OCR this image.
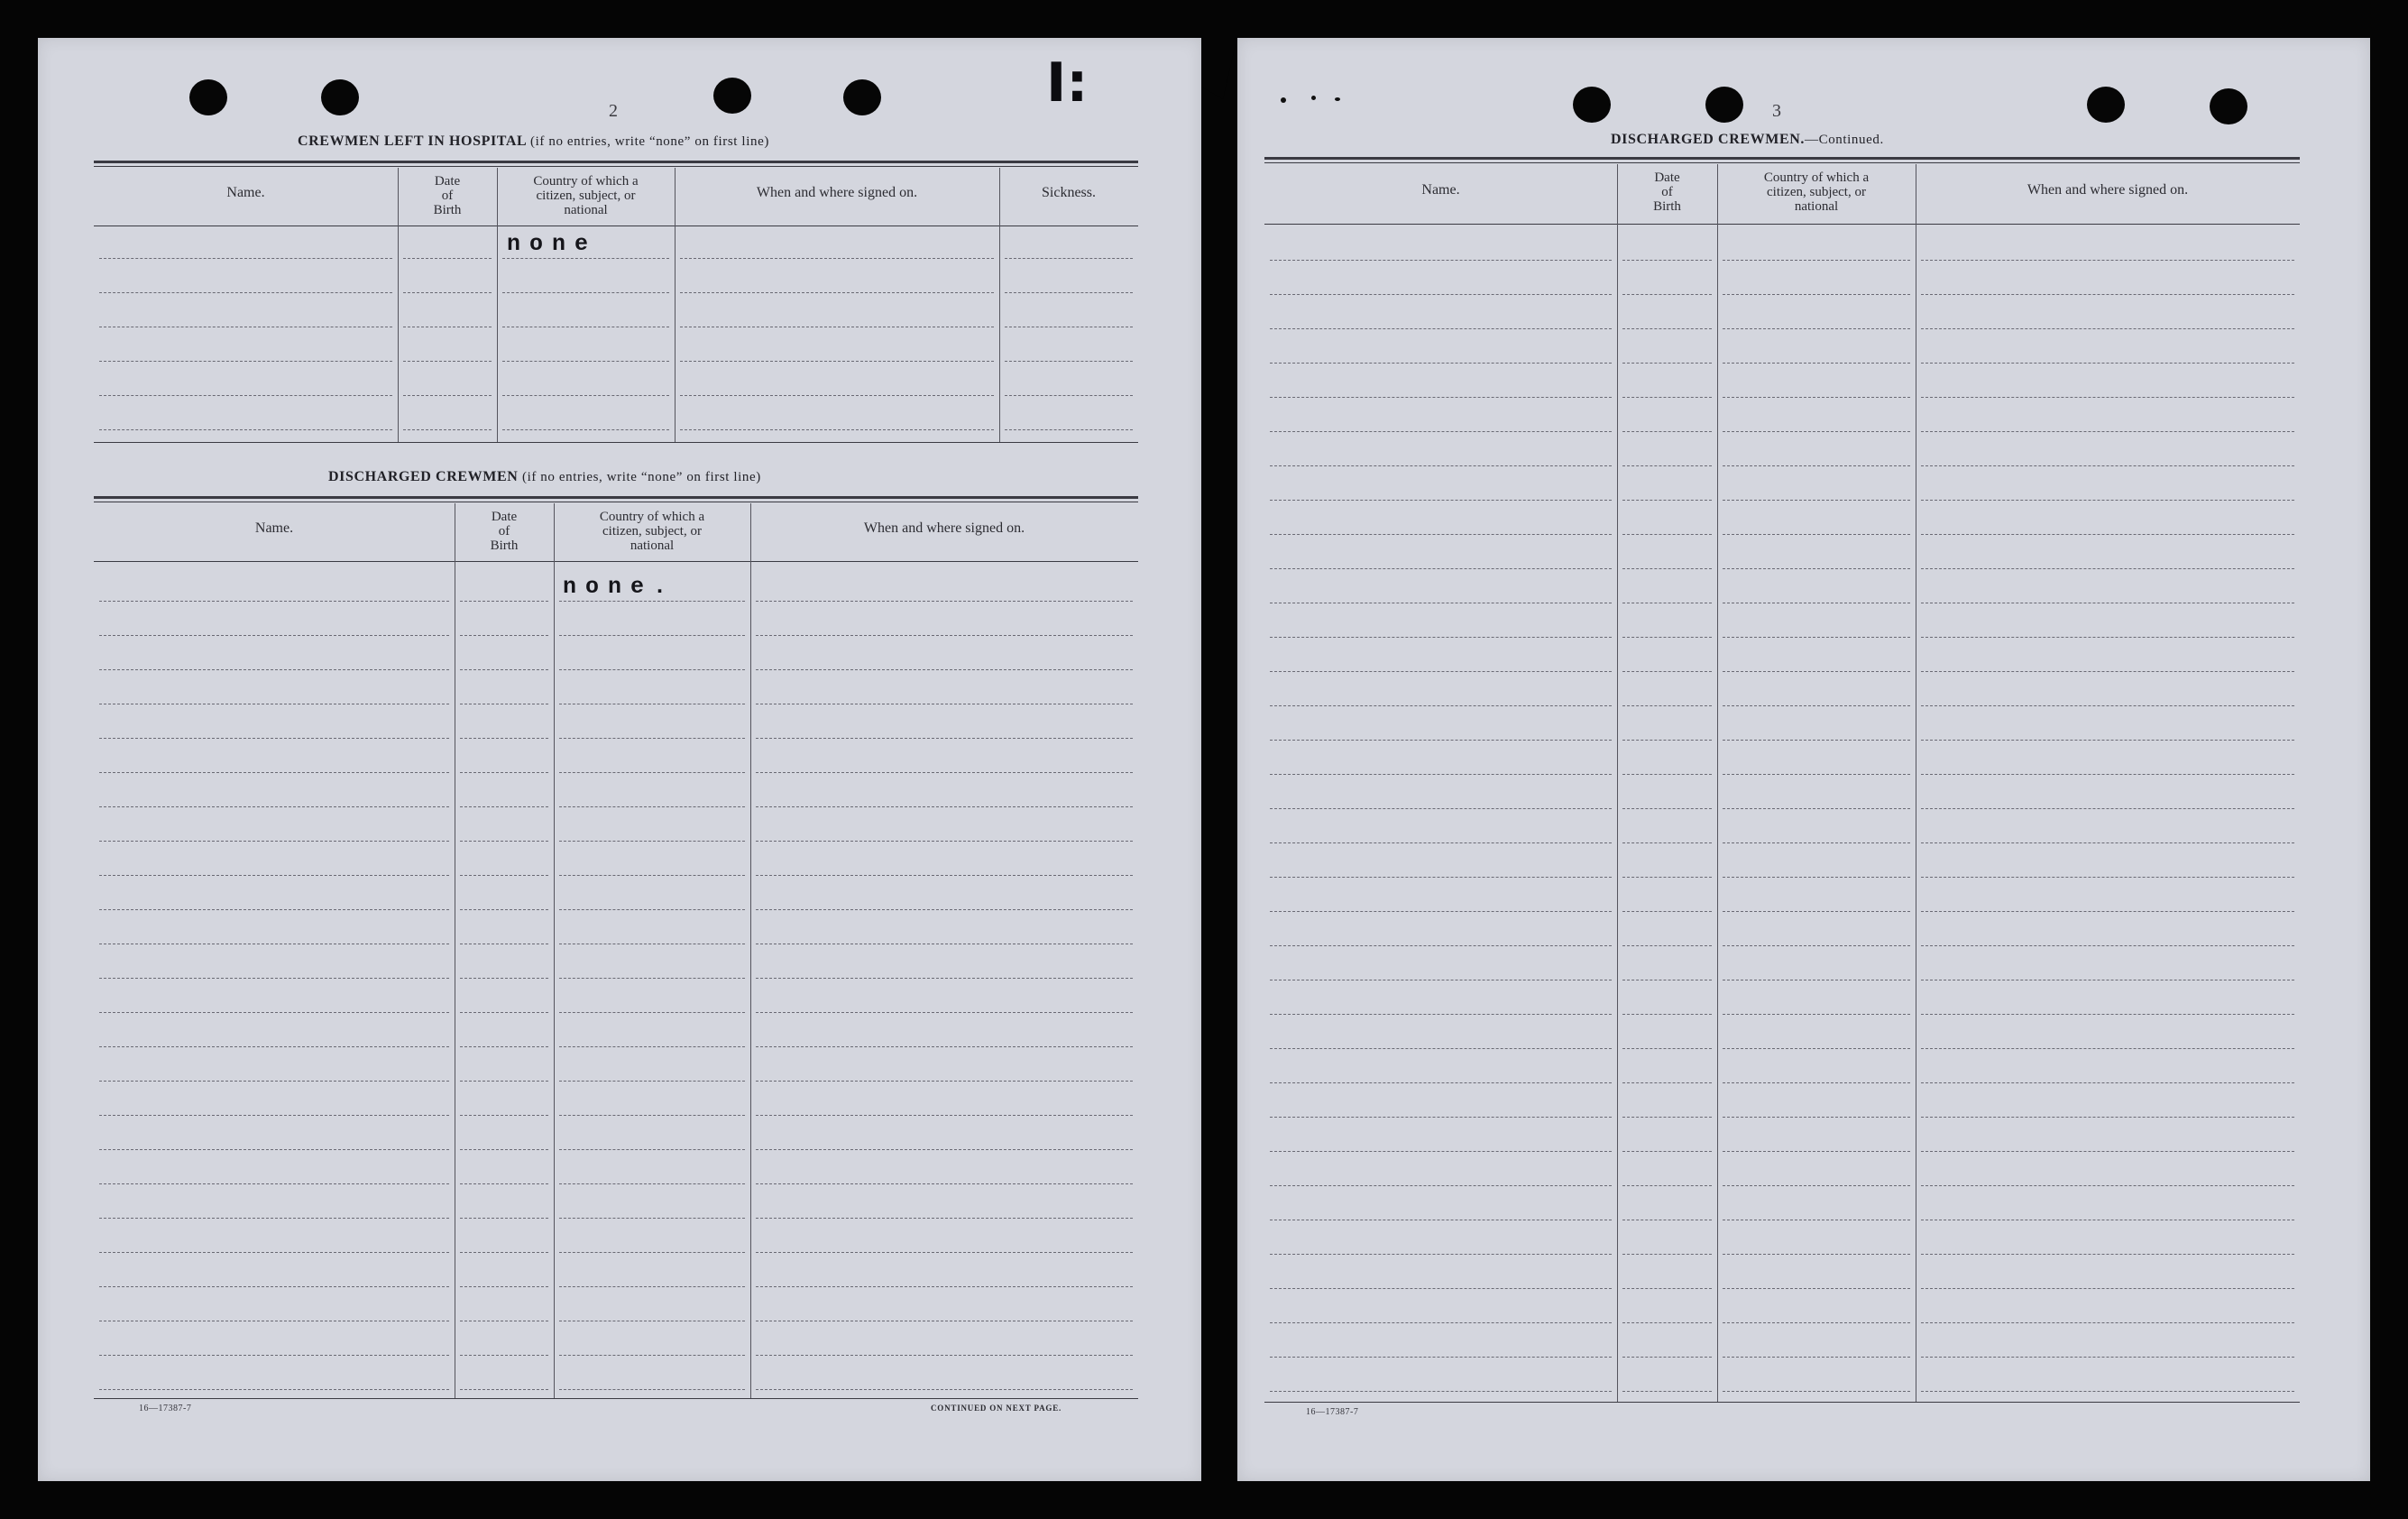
I:
2
CREWMEN LEFT IN HOSPITAL (if no entries, write “none” on first line)
Name.
Date
of
Birth
Country of which a
citizen, subject, or
national
When and where signed on.	Sickness.
DISCHARGED CREWMEN (if no entries, write “none” on first line)
Name.
Date
of
Birth
Country of which a
citizen, subject, or
national
When and where signed on.
16—17387-7	CONTINUED ON NEXT PAGE.
none
none.
3
DISCHARGED CREWMEN.—Continued.
Name.
Date
of
Birth
Country of which a
citizen, subject, or
national
When and where signed on.
16—17387-7
